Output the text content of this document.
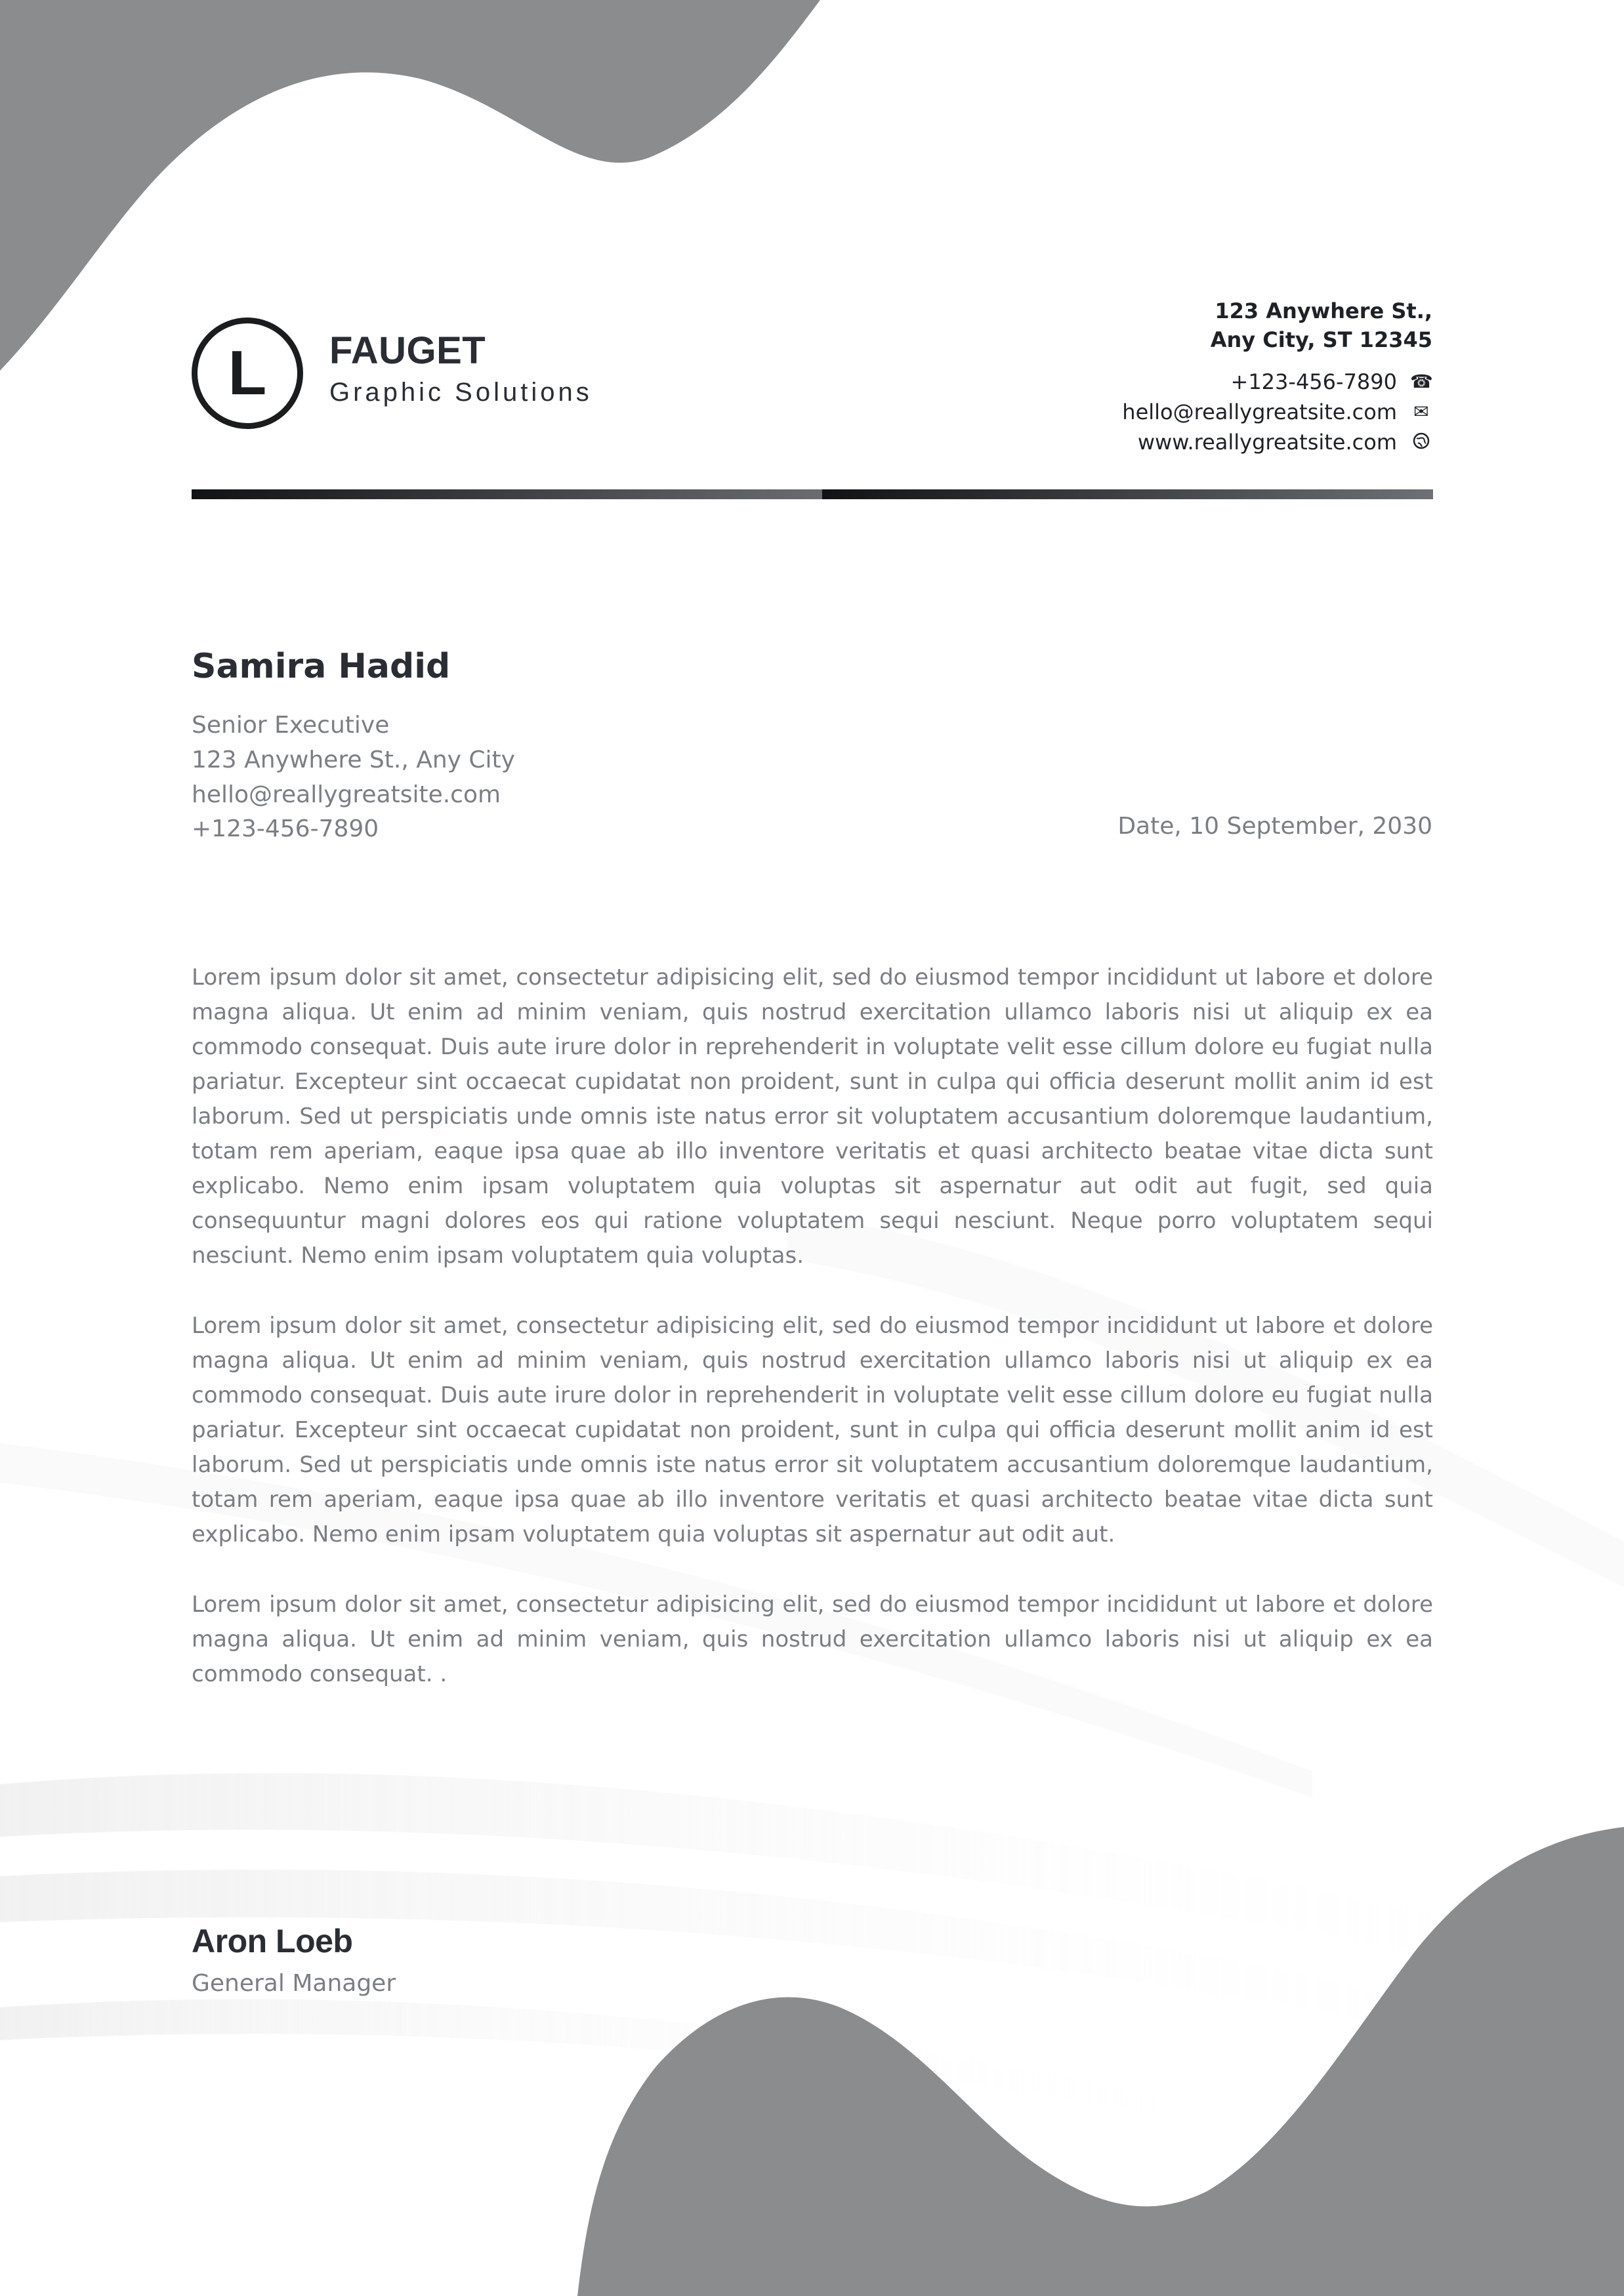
L FAUGET
Graphic Solutions
123 Anywhere St.,
Any City, ST 12345
+123-456-7890 ☎
hello@reallygreatsite.com ✉
www.reallygreatsite.com
Samira Hadid
Senior Executive
123 Anywhere St., Any City
hello@reallygreatsite.com
+123-456-7890	Date, 10 September, 2030

Lorem ipsum dolor sit amet, consectetur adipisicing elit, sed do eiusmod tempor incididunt ut labore et dolore magna aliqua. Ut enim ad minim veniam, quis nostrud exercitation ullamco laboris nisi ut aliquip ex ea commodo consequat. Duis aute irure dolor in reprehenderit in voluptate velit esse cillum dolore eu fugiat nulla pariatur. Excepteur sint occaecat cupidatat non proident, sunt in culpa qui officia deserunt mollit anim id est laborum. Sed ut perspiciatis unde omnis iste natus error sit voluptatem accusantium doloremque laudantium, totam rem aperiam, eaque ipsa quae ab illo inventore veritatis et quasi architecto beatae vitae dicta sunt explicabo. Nemo enim ipsam voluptatem quia voluptas sit aspernatur aut odit aut fugit, sed quia consequuntur magni dolores eos qui ratione voluptatem sequi nesciunt. Neque porro voluptatem sequi nesciunt. Nemo enim ipsam voluptatem quia voluptas.

Lorem ipsum dolor sit amet, consectetur adipisicing elit, sed do eiusmod tempor incididunt ut labore et dolore magna aliqua. Ut enim ad minim veniam, quis nostrud exercitation ullamco laboris nisi ut aliquip ex ea commodo consequat. Duis aute irure dolor in reprehenderit in voluptate velit esse cillum dolore eu fugiat nulla pariatur. Excepteur sint occaecat cupidatat non proident, sunt in culpa qui officia deserunt mollit anim id est laborum. Sed ut perspiciatis unde omnis iste natus error sit voluptatem accusantium doloremque laudantium, totam rem aperiam, eaque ipsa quae ab illo inventore veritatis et quasi architecto beatae vitae dicta sunt explicabo. Nemo enim ipsam voluptatem quia voluptas sit aspernatur aut odit aut.

Lorem ipsum dolor sit amet, consectetur adipisicing elit, sed do eiusmod tempor incididunt ut labore et dolore magna aliqua. Ut enim ad minim veniam, quis nostrud exercitation ullamco laboris nisi ut aliquip ex ea commodo consequat. .

Aron Loeb
General Manager
